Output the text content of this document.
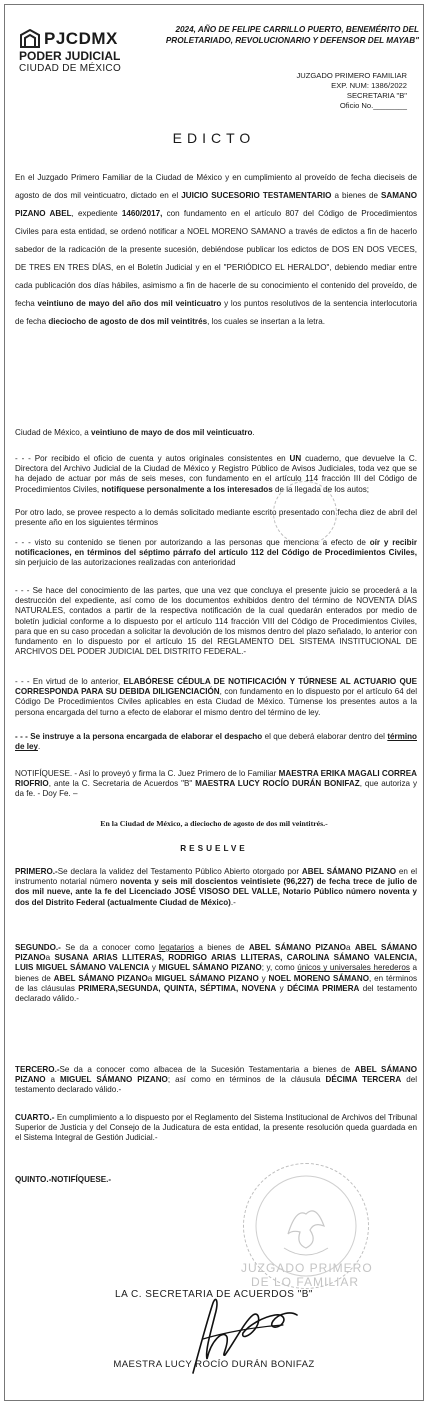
PJCDMX
PODER JUDICIAL
CIUDAD DE MÉXICO
2024, AÑO DE FELIPE CARRILLO PUERTO, BENEMÉRITO DEL
PROLETARIADO, REVOLUCIONARIO Y DEFENSOR DEL MAYAB"
JUZGADO PRIMERO FAMILIAR
EXP. NUM: 1386/2022
SECRETARIA "B"
Oficio No.________
EDICTO
En el Juzgado Primero Familiar de la Ciudad de México y en cumplimiento al proveído de fecha dieciseis de agosto de dos mil veinticuatro, dictado en el JUICIO SUCESORIO TESTAMENTARIO a bienes de SAMANO PIZANO ABEL, expediente 1460/2017, con fundamento en el artículo 807 del Código de Procedimientos Civiles para esta entidad, se ordenó notificar a NOEL MORENO SAMANO a través de edictos a fin de hacerlo sabedor de la radicación de la presente sucesión, debiéndose publicar los edictos de DOS EN DOS VECES, DE TRES EN TRES DÍAS, en el Boletín Judicial y en el "PERIÓDICO EL HERALDO", debiendo mediar entre cada publicación dos días hábiles, asimismo a fin de hacerle de su conocimiento el contenido del proveído, de fecha veintiuno de mayo del año dos mil veinticuatro y los puntos resolutivos de la sentencia interlocutoria de fecha dieciocho de agosto de dos mil veintitrés, los cuales se insertan a la letra.
Ciudad de México, a veintiuno de mayo de dos mil veinticuatro.
- - - Por recibido el oficio de cuenta y autos originales consistentes en UN cuaderno, que devuelve la C. Directora del Archivo Judicial de la Ciudad de México y Registro Público de Avisos Judiciales, toda vez que se ha dejado de actuar por más de seis meses, con fundamento en el artículo 114 fracción III del Código de Procedimientos Civiles, notifíquese personalmente a los interesados de la llegada de los autos;
Por otro lado, se provee respecto a lo demás solicitado mediante escrito presentado con fecha diez de abril del presente año en los siguientes términos
- - - visto su contenido se tienen por autorizando a las personas que menciona a efecto de oír y recibir notificaciones, en términos del séptimo párrafo del artículo 112 del Código de Procedimientos Civiles, sin perjuicio de las autorizaciones realizadas con anterioridad
- - - Se hace del conocimiento de las partes, que una vez que concluya el presente juicio se procederá a la destrucción del expediente, así como de los documentos exhibidos dentro del término de NOVENTA DÍAS NATURALES, contados a partir de la respectiva notificación de la cual quedarán enterados por medio de boletín judicial conforme a lo dispuesto por el artículo 114 fracción VIII del Código de Procedimientos Civiles, para que en su caso procedan a solicitar la devolución de los mismos dentro del plazo señalado, lo anterior con fundamento en lo dispuesto por el artículo 15 del REGLAMENTO DEL SISTEMA INSTITUCIONAL DE ARCHIVOS DEL PODER JUDICIAL DEL DISTRITO FEDERAL.-
- - - En virtud de lo anterior, ELABÓRESE CÉDULA DE NOTIFICACIÓN Y TÚRNESE AL ACTUARIO QUE CORRESPONDA PARA SU DEBIDA DILIGENCIACIÓN, con fundamento en lo dispuesto por el artículo 64 del Código De Procedimientos Civiles aplicables en esta Ciudad de México. Túrnense los presentes autos a la persona encargada del turno a efecto de elaborar el mismo dentro del término de ley.
- - - Se instruye a la persona encargada de elaborar el despacho el que deberá elaborar dentro del término de ley.
NOTIFÍQUESE. - Así lo proveyó y firma la C. Juez Primero de lo Familiar MAESTRA ERIKA MAGALI CORREA RIOFRIO, ante la C. Secretaria de Acuerdos "B" MAESTRA LUCY ROCÍO DURÁN BONIFAZ, que autoriza y da fe. - Doy Fe. –
En la Ciudad de México, a dieciocho de agosto de dos mil veintitrés.-
RESUELVE
PRIMERO.-Se declara la validez del Testamento Público Abierto otorgado por ABEL SÁMANO PIZANO en el instrumento notarial número noventa y seis mil doscientos veintisiete (96,227) de fecha trece de julio de dos mil nueve, ante la fe del Licenciado JOSÉ VISOSO DEL VALLE, Notario Público número noventa y dos del Distrito Federal (actualmente Ciudad de México).-
SEGUNDO.- Se da a conocer como legatarios a bienes de ABEL SÁMANO PIZANOa ABEL SÁMANO PIZANOa SUSANA ARIAS LLITERAS, RODRIGO ARIAS LLITERAS, CAROLINA SÁMANO VALENCIA, LUIS MIGUEL SÁMANO VALENCIA y MIGUEL SÁMANO PIZANO; y, como únicos y universales herederos a bienes de ABEL SÁMANO PIZANOa MIGUEL SÁMANO PIZANO y NOEL MORENO SÁMANO, en términos de las cláusulas PRIMERA,SEGUNDA, QUINTA, SÉPTIMA, NOVENA y DÉCIMA PRIMERA del testamento declarado válido.-
TERCERO.-Se da a conocer como albacea de la Sucesión Testamentaria a bienes de ABEL SÁMANO PIZANO a MIGUEL SÁMANO PIZANO; así como en términos de la cláusula DÉCIMA TERCERA del testamento declarado válido.-
CUARTO.- En cumplimiento a lo dispuesto por el Reglamento del Sistema Institucional de Archivos del Tribunal Superior de Justicia y del Consejo de la Judicatura de esta entidad, la presente resolución queda guardada en el Sistema Integral de Gestión Judicial.-
QUINTO.-NOTIFÍQUESE.-
JUZGADO PRIMERO
DE LO FAMILIAR
LA C. SECRETARIA DE ACUERDOS "B"
MAESTRA LUCY ROCÍO DURÁN BONIFAZ
